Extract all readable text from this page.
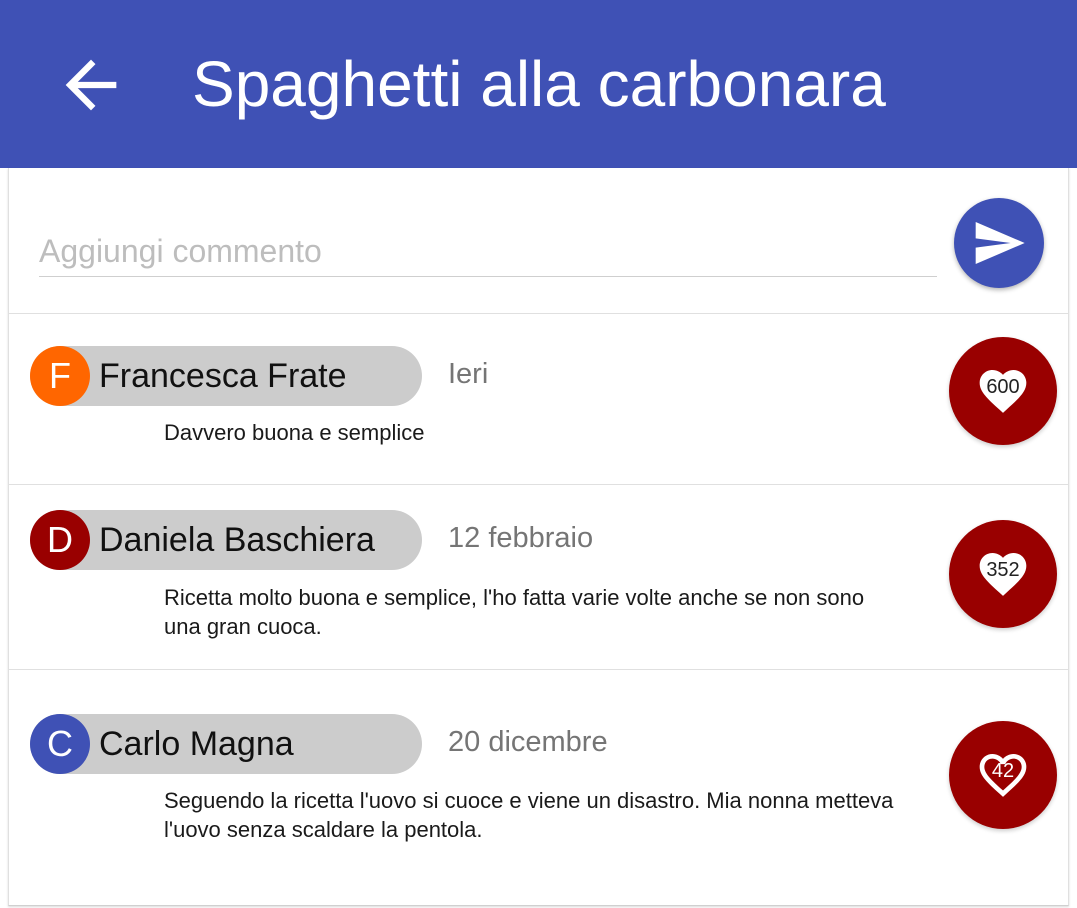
Spaghetti alla carbonara
Aggiungi commento
F Francesca Frate	Ieri
Davvero buona e semplice
600
D Daniela Baschiera	12 febbraio
Ricetta molto buona e semplice, l'ho fatta varie volte anche se non sono una gran cuoca.
352
C Carlo Magna	20 dicembre
Seguendo la ricetta l'uovo si cuoce e viene un disastro. Mia nonna metteva l'uovo senza scaldare la pentola.
42
